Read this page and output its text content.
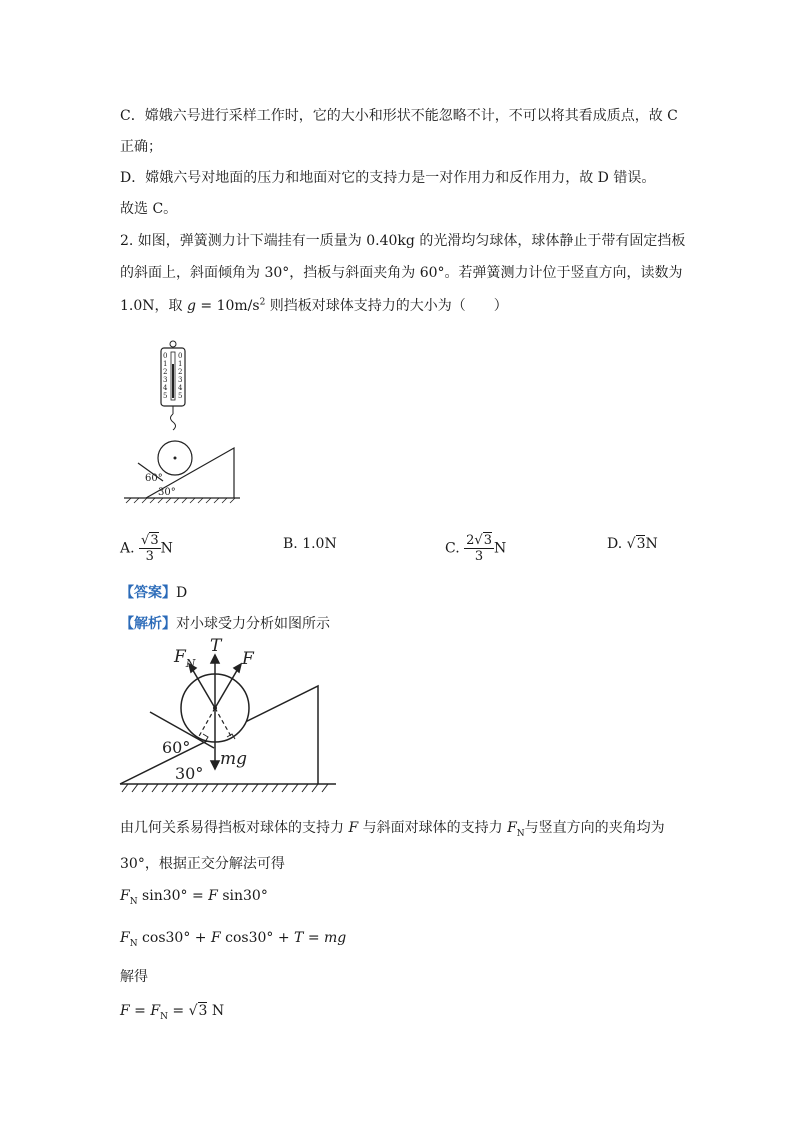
C．嫦娥六号进行采样工作时，它的大小和形状不能忽略不计，不可以将其看成质点，故 C
正确；
D．嫦娥六号对地面的压力和地面对它的支持力是一对作用力和反作用力，故 D 错误。
故选 C。
2. 如图，弹簧测力计下端挂有一质量为 0.40kg 的光滑均匀球体，球体静止于带有固定挡板
的斜面上，斜面倾角为 30°，挡板与斜面夹角为 60°。若弹簧测力计位于竖直方向，读数为
1.0N，取 $g = 10m/s^2$ 则挡板对球体支持力的大小为（　　）
0
1
2
3
4
5
0
1
2
3
4
5
60°
30°
A. $\frac{√3}{3}$ N	B. 1.0N	C. $\frac{2√3}{3}$ N	D. √3N
【答案】D
【解析】对小球受力分析如图所示
$F_N$
T
F
mg
60°
30°
由几何关系易得挡板对球体的支持力 F 与斜面对球体的支持力 $F_N$与竖直方向的夹角均为
30°，根据正交分解法可得
$F_N$ sin30° = F sin30°
$F_N$ cos30° + F cos30° + T = mg
解得
$F = F_N = √3$ N
